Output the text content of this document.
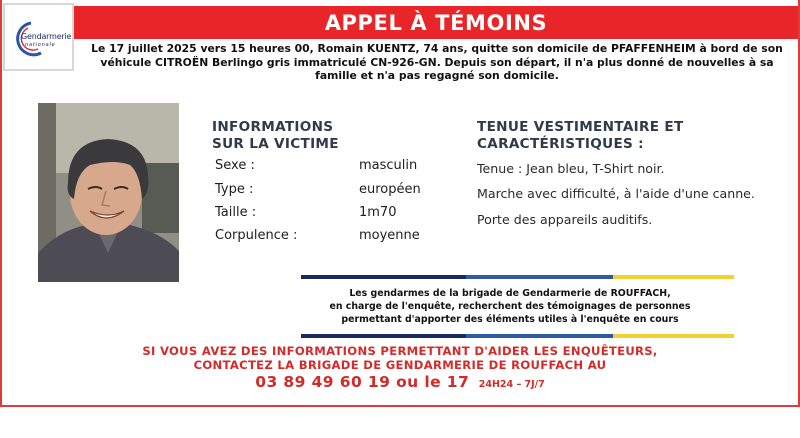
Gendarmerie
nationale
APPEL À TÉMOINS

Le 17 juillet 2025 vers 15 heures 00, Romain KUENTZ, 74 ans, quitte son domicile de PFAFFENHEIM à bord de son véhicule CITROËN Berlingo gris immatriculé CN-926-GN. Depuis son départ, il n'a plus donné de nouvelles à sa famille et n'a pas regagné son domicile.

INFORMATIONS
SUR LA VICTIME
Sexe :	masculin
Type :	européen
Taille :	1m70
Corpulence :	moyenne
TENUE VESTIMENTAIRE ET
CARACTÉRISTIQUES :
Tenue : Jean bleu, T-Shirt noir.
Marche avec difficulté, à l'aide d'une canne.
Porte des appareils auditifs.
Les gendarmes de la brigade de Gendarmerie de ROUFFACH,
en charge de l'enquête, recherchent des témoignages de personnes
permettant d'apporter des éléments utiles à l'enquête en cours
SI VOUS AVEZ DES INFORMATIONS PERMETTANT D'AIDER LES ENQUÊTEURS,
CONTACTEZ LA BRIGADE DE GENDARMERIE DE ROUFFACH AU
03 89 49 60 19 ou le 17 24H24 – 7J/7
